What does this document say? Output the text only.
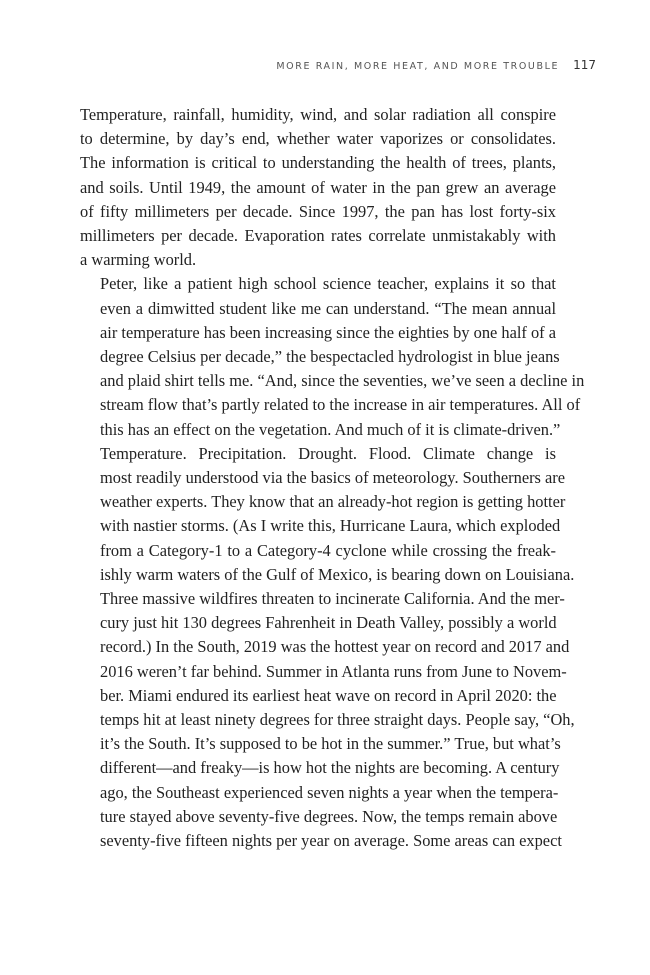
MORE RAIN, MORE HEAT, AND MORE TROUBLE 117
Temperature, rainfall, humidity, wind, and solar radiation all conspire
to determine, by day’s end, whether water vaporizes or consolidates.
The information is critical to understanding the health of trees, plants,
and soils. Until 1949, the amount of water in the pan grew an average
of fifty millimeters per decade. Since 1997, the pan has lost forty-six
millimeters per decade. Evaporation rates correlate unmistakably with
a warming world.
Peter, like a patient high school science teacher, explains it so that
even a dimwitted student like me can understand. “The mean annual
air temperature has been increasing since the eighties by one half of a
degree Celsius per decade,” the bespectacled hydrologist in blue jeans
and plaid shirt tells me. “And, since the seventies, we’ve seen a decline in
stream flow that’s partly related to the increase in air temperatures. All of
this has an effect on the vegetation. And much of it is climate-driven.”
Temperature. Precipitation. Drought. Flood. Climate change is
most readily understood via the basics of meteorology. Southerners are
weather experts. They know that an already-hot region is getting hotter
with nastier storms. (As I write this, Hurricane Laura, which exploded
from a Category-1 to a Category-4 cyclone while crossing the freak-
ishly warm waters of the Gulf of Mexico, is bearing down on Louisiana.
Three massive wildfires threaten to incinerate California. And the mer-
cury just hit 130 degrees Fahrenheit in Death Valley, possibly a world
record.) In the South, 2019 was the hottest year on record and 2017 and
2016 weren’t far behind. Summer in Atlanta runs from June to Novem-
ber. Miami endured its earliest heat wave on record in April 2020: the
temps hit at least ninety degrees for three straight days. People say, “Oh,
it’s the South. It’s supposed to be hot in the summer.” True, but what’s
different—and freaky—is how hot the nights are becoming. A century
ago, the Southeast experienced seven nights a year when the tempera-
ture stayed above seventy-five degrees. Now, the temps remain above
seventy-five fifteen nights per year on average. Some areas can expect
